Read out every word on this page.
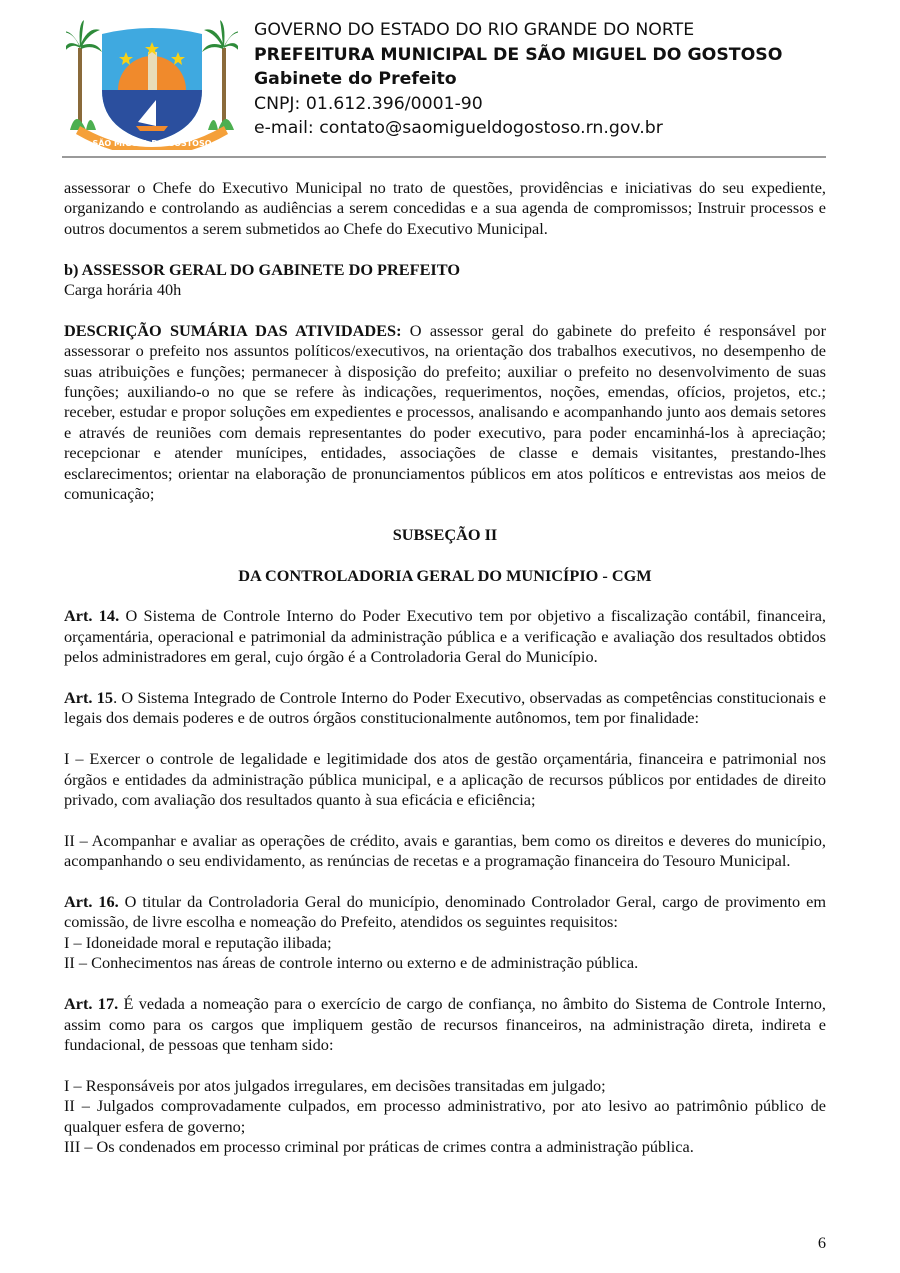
SÃO MIGUEL DO GOSTOSO
GOVERNO DO ESTADO DO RIO GRANDE DO NORTE
PREFEITURA MUNICIPAL DE SÃO MIGUEL DO GOSTOSO
Gabinete do Prefeito
CNPJ: 01.612.396/0001-90
e-mail: contato@saomigueldogostoso.rn.gov.br

assessorar o Chefe do Executivo Municipal no trato de questões, providências e iniciativas do seu expediente, organizando e controlando as audiências a serem concedidas e a sua agenda de compromissos; Instruir processos e outros documentos a serem submetidos ao Chefe do Executivo Municipal.

b) ASSESSOR GERAL DO GABINETE DO PREFEITO

Carga horária 40h

DESCRIÇÃO SUMÁRIA DAS ATIVIDADES: O assessor geral do gabinete do prefeito é responsável por assessorar o prefeito nos assuntos políticos/executivos, na orientação dos trabalhos executivos, no desempenho de suas atribuições e funções; permanecer à disposição do prefeito; auxiliar o prefeito no desenvolvimento de suas funções; auxiliando-o no que se refere às indicações, requerimentos, noções, emendas, ofícios, projetos, etc.; receber, estudar e propor soluções em expedientes e processos, analisando e acompanhando junto aos demais setores e através de reuniões com demais representantes do poder executivo, para poder encaminhá-los à apreciação; recepcionar e atender munícipes, entidades, associações de classe e demais visitantes, prestando-lhes esclarecimentos; orientar na elaboração de pronunciamentos públicos em atos políticos e entrevistas aos meios de comunicação;

SUBSEÇÃO II

DA CONTROLADORIA GERAL DO MUNICÍPIO - CGM

Art. 14. O Sistema de Controle Interno do Poder Executivo tem por objetivo a fiscalização contábil, financeira, orçamentária, operacional e patrimonial da administração pública e a verificação e avaliação dos resultados obtidos pelos administradores em geral, cujo órgão é a Controladoria Geral do Município.

Art. 15. O Sistema Integrado de Controle Interno do Poder Executivo, observadas as competências constitucionais e legais dos demais poderes e de outros órgãos constitucionalmente autônomos, tem por finalidade:

I – Exercer o controle de legalidade e legitimidade dos atos de gestão orçamentária, financeira e patrimonial nos órgãos e entidades da administração pública municipal, e a aplicação de recursos públicos por entidades de direito privado, com avaliação dos resultados quanto à sua eficácia e eficiência;

II – Acompanhar e avaliar as operações de crédito, avais e garantias, bem como os direitos e deveres do município, acompanhando o seu endividamento, as renúncias de recetas e a programação financeira do Tesouro Municipal.

Art. 16. O titular da Controladoria Geral do município, denominado Controlador Geral, cargo de provimento em comissão, de livre escolha e nomeação do Prefeito, atendidos os seguintes requisitos:

I – Idoneidade moral e reputação ilibada;

II – Conhecimentos nas áreas de controle interno ou externo e de administração pública.

Art. 17. É vedada a nomeação para o exercício de cargo de confiança, no âmbito do Sistema de Controle Interno, assim como para os cargos que impliquem gestão de recursos financeiros, na administração direta, indireta e fundacional, de pessoas que tenham sido:

I – Responsáveis por atos julgados irregulares, em decisões transitadas em julgado;

II – Julgados comprovadamente culpados, em processo administrativo, por ato lesivo ao patrimônio público de qualquer esfera de governo;

III – Os condenados em processo criminal por práticas de crimes contra a administração pública.

6
